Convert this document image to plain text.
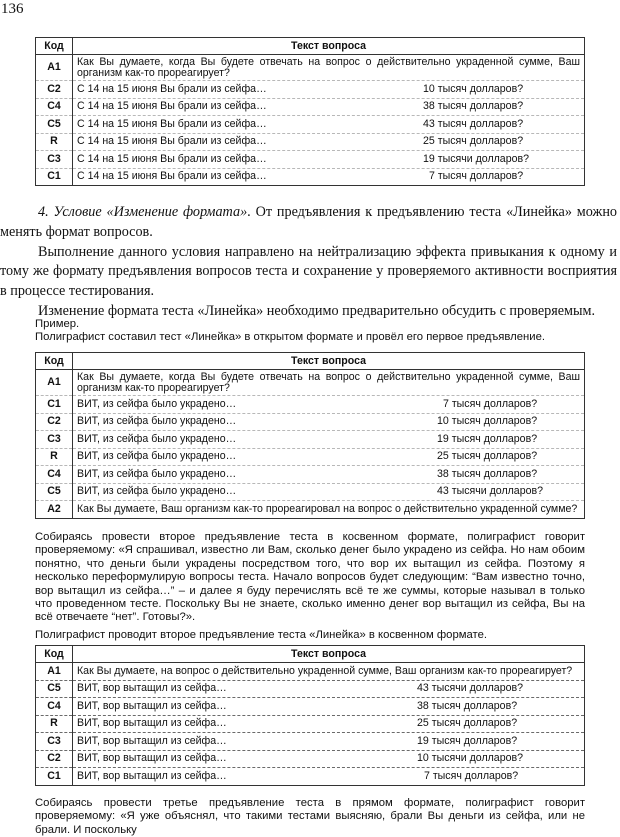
136
Код	Текст вопроса
A1	Как Вы думаете, когда Вы будете отвечать на вопрос о действительно украденной сумме, Ваш организм как-то прореагирует?
C2	С 14 на 15 июня Вы брали из сейфа… 10 тысяч долларов?

C4	С 14 на 15 июня Вы брали из сейфа… 38 тысяч долларов?

C5	С 14 на 15 июня Вы брали из сейфа… 43 тысяч долларов?

R	С 14 на 15 июня Вы брали из сейфа… 25 тысяч долларов?

C3	С 14 на 15 июня Вы брали из сейфа… 19 тысячи долларов?

C1	С 14 на 15 июня Вы брали из сейфа… 7 тысяч долларов?

4. Условие «Изменение формата». От предъявления к предъявлению теста «Линейка» можно менять формат вопросов.

Выполнение данного условия направлено на нейтрализацию эффекта привыкания к одному и тому же формату предъявления вопросов теста и сохранение у проверяемого активности восприятия в процессе тестирования.

Изменение формата теста «Линейка» необходимо предварительно обсудить с проверяемым.

Пример.

Полиграфист составил тест «Линейка» в открытом формате и провёл его первое предъявление.

Код	Текст вопроса
A1	Как Вы думаете, когда Вы будете отвечать на вопрос о действительно украденной сумме, Ваш организм как-то прореагирует?
C1	ВИТ, из сейфа было украдено… 7 тысяч долларов?

C2	ВИТ, из сейфа было украдено… 10 тысяч долларов?

C3	ВИТ, из сейфа было украдено… 19 тысяч долларов?

R	ВИТ, из сейфа было украдено… 25 тысяч долларов?

C4	ВИТ, из сейфа было украдено… 38 тысяч долларов?

C5	ВИТ, из сейфа было украдено… 43 тысячи долларов?

A2	Как Вы думаете, Ваш организм как-то прореагировал на вопрос о действительно украденной сумме?

Собираясь провести второе предъявление теста в косвенном формате, полиграфист говорит проверяемому: «Я спрашивал, известно ли Вам, сколько денег было украдено из сейфа. Но нам обоим понятно, что деньги были украдены посредством того, что вор их вытащил из сейфа. Поэтому я несколько переформулирую вопросы теста. Начало вопросов будет следующим: “Вам известно точно, вор вытащил из сейфа…” – и далее я буду перечислять всё те же суммы, которые называл в только что проведенном тесте. Поскольку Вы не знаете, сколько именно денег вор вытащил из сейфа, Вы на всё отвечаете “нет”. Готовы?».

Полиграфист проводит второе предъявление теста «Линейка» в косвенном формате.

Код	Текст вопроса
A1	Как Вы думаете, на вопрос о действительно украденной сумме, Ваш организм как-то прореагирует?
C5	ВИТ, вор вытащил из сейфа… 43 тысячи долларов?

C4	ВИТ, вор вытащил из сейфа… 38 тысяч долларов?

R	ВИТ, вор вытащил из сейфа… 25 тысяч долларов?

C3	ВИТ, вор вытащил из сейфа… 19 тысяч долларов?

C2	ВИТ, вор вытащил из сейфа… 10 тысячи долларов?

C1	ВИТ, вор вытащил из сейфа… 7 тысяч долларов?

Собираясь провести третье предъявление теста в прямом формате, полиграфист говорит проверяемому: «Я уже объяснял, что такими тестами выясняю, брали Вы деньги из сейфа, или не брали. И поскольку
